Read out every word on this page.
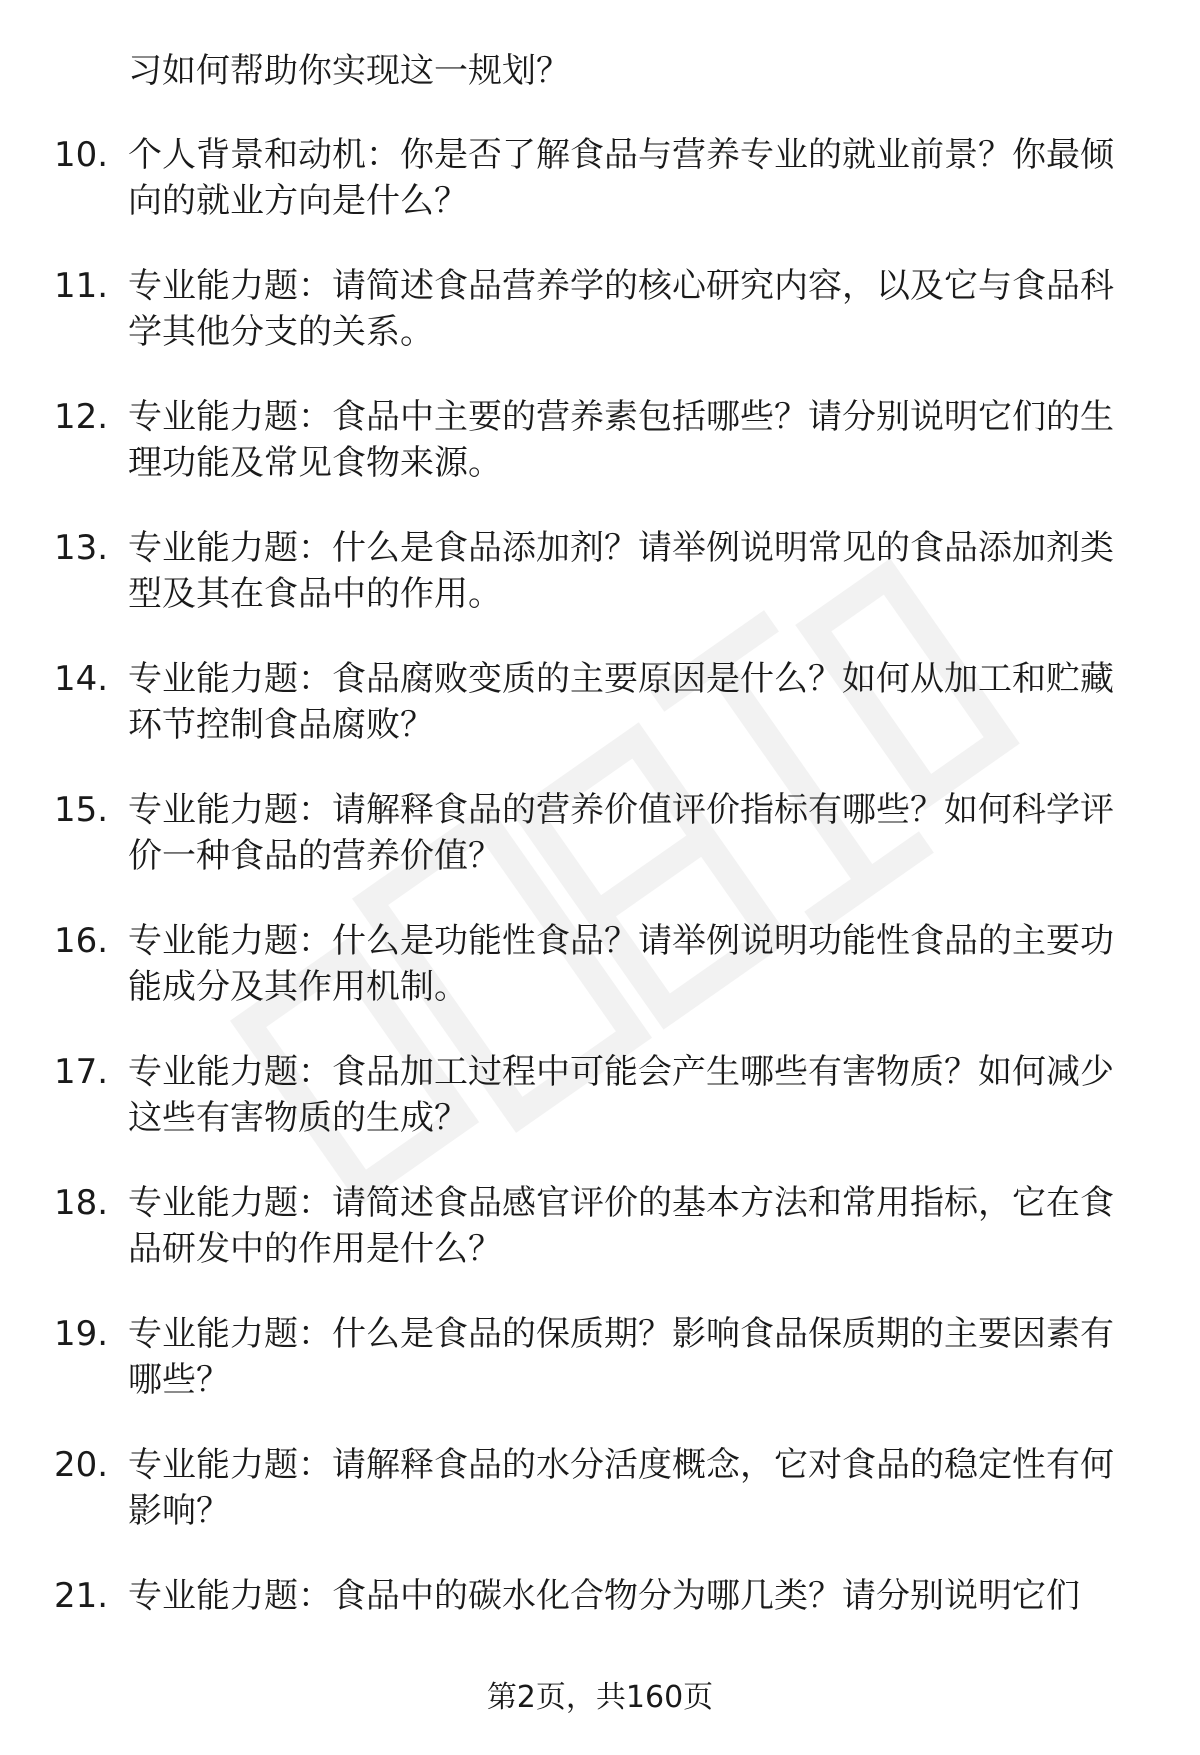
习如何帮助你实现这一规划？
10. 个人背景和动机：你是否了解食品与营养专业的就业前景？你最倾向的就业方向是什么？
11. 专业能力题：请简述食品营养学的核心研究内容，以及它与食品科学其他分支的关系。
12. 专业能力题：食品中主要的营养素包括哪些？请分别说明它们的生理功能及常见食物来源。
13. 专业能力题：什么是食品添加剂？请举例说明常见的食品添加剂类型及其在食品中的作用。
14. 专业能力题：食品腐败变质的主要原因是什么？如何从加工和贮藏环节控制食品腐败？
15. 专业能力题：请解释食品的营养价值评价指标有哪些？如何科学评价一种食品的营养价值？
16. 专业能力题：什么是功能性食品？请举例说明功能性食品的主要功能成分及其作用机制。
17. 专业能力题：食品加工过程中可能会产生哪些有害物质？如何减少这些有害物质的生成？
18. 专业能力题：请简述食品感官评价的基本方法和常用指标，它在食品研发中的作用是什么？
19. 专业能力题：什么是食品的保质期？影响食品保质期的主要因素有哪些？
20. 专业能力题：请解释食品的水分活度概念，它对食品的稳定性有何影响？
21. 专业能力题：食品中的碳水化合物分为哪几类？请分别说明它们
第2页，共160页
